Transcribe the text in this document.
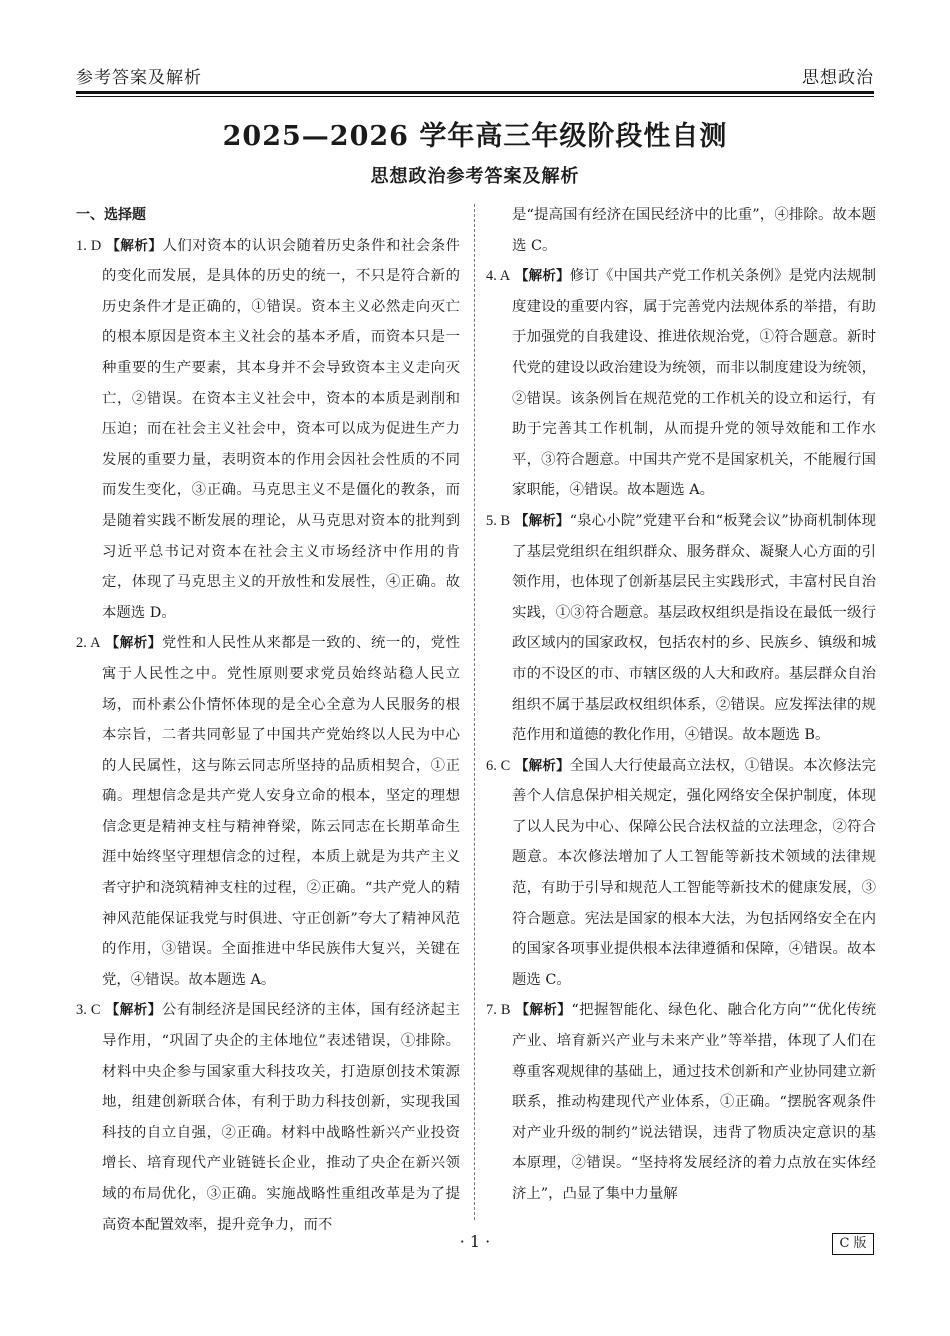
参考答案及解析	思想政治
2025—2026 学年高三年级阶段性自测
思想政治参考答案及解析
一、选择题
1. D 【解析】人们对资本的认识会随着历史条件和社会条件的变化而发展，是具体的历史的统一，不只是符合新的历史条件才是正确的，①错误。资本主义必然走向灭亡的根本原因是资本主义社会的基本矛盾，而资本只是一种重要的生产要素，其本身并不会导致资本主义走向灭亡，②错误。在资本主义社会中，资本的本质是剥削和压迫；而在社会主义社会中，资本可以成为促进生产力发展的重要力量，表明资本的作用会因社会性质的不同而发生变化，③正确。马克思主义不是僵化的教条，而是随着实践不断发展的理论，从马克思对资本的批判到习近平总书记对资本在社会主义市场经济中作用的肯定，体现了马克思主义的开放性和发展性，④正确。故本题选 D。
2. A 【解析】党性和人民性从来都是一致的、统一的，党性寓于人民性之中。党性原则要求党员始终站稳人民立场，而朴素公仆情怀体现的是全心全意为人民服务的根本宗旨，二者共同彰显了中国共产党始终以人民为中心的人民属性，这与陈云同志所坚持的品质相契合，①正确。理想信念是共产党人安身立命的根本，坚定的理想信念更是精神支柱与精神脊梁，陈云同志在长期革命生涯中始终坚守理想信念的过程，本质上就是为共产主义者守护和浇筑精神支柱的过程，②正确。“共产党人的精神风范能保证我党与时俱进、守正创新”夸大了精神风范的作用，③错误。全面推进中华民族伟大复兴，关键在党，④错误。故本题选 A。
3. C 【解析】公有制经济是国民经济的主体，国有经济起主导作用，“巩固了央企的主体地位”表述错误，①排除。材料中央企参与国家重大科技攻关，打造原创技术策源地，组建创新联合体，有利于助力科技创新，实现我国科技的自立自强，②正确。材料中战略性新兴产业投资增长、培育现代产业链链长企业，推动了央企在新兴领域的布局优化，③正确。实施战略性重组改革是为了提高资本配置效率，提升竞争力，而不
是“提高国有经济在国民经济中的比重”，④排除。故本题选 C。
4. A 【解析】修订《中国共产党工作机关条例》是党内法规制度建设的重要内容，属于完善党内法规体系的举措，有助于加强党的自我建设、推进依规治党，①符合题意。新时代党的建设以政治建设为统领，而非以制度建设为统领，②错误。该条例旨在规范党的工作机关的设立和运行，有助于完善其工作机制，从而提升党的领导效能和工作水平，③符合题意。中国共产党不是国家机关，不能履行国家职能，④错误。故本题选 A。
5. B 【解析】“泉心小院”党建平台和“板凳会议”协商机制体现了基层党组织在组织群众、服务群众、凝聚人心方面的引领作用，也体现了创新基层民主实践形式，丰富村民自治实践，①③符合题意。基层政权组织是指设在最低一级行政区域内的国家政权，包括农村的乡、民族乡、镇级和城市的不设区的市、市辖区级的人大和政府。基层群众自治组织不属于基层政权组织体系，②错误。应发挥法律的规范作用和道德的教化作用，④错误。故本题选 B。
6. C 【解析】全国人大行使最高立法权，①错误。本次修法完善个人信息保护相关规定，强化网络安全保护制度，体现了以人民为中心、保障公民合法权益的立法理念，②符合题意。本次修法增加了人工智能等新技术领域的法律规范，有助于引导和规范人工智能等新技术的健康发展，③符合题意。宪法是国家的根本大法，为包括网络安全在内的国家各项事业提供根本法律遵循和保障，④错误。故本题选 C。
7. B 【解析】“把握智能化、绿色化、融合化方向”“优化传统产业、培育新兴产业与未来产业”等举措，体现了人们在尊重客观规律的基础上，通过技术创新和产业协同建立新联系，推动构建现代产业体系，①正确。“摆脱客观条件对产业升级的制约”说法错误，违背了物质决定意识的基本原理，②错误。“坚持将发展经济的着力点放在实体经济上”，凸显了集中力量解
· 1 ·	C 版
